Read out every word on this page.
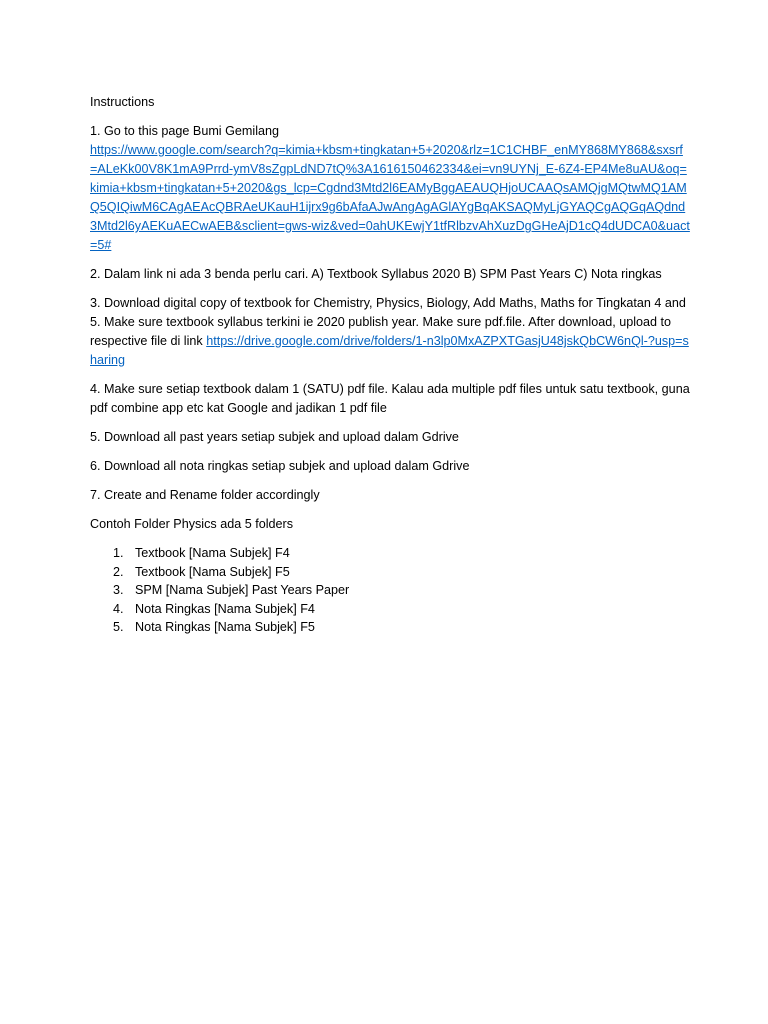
Instructions
1. Go to this page Bumi Gemilang
https://www.google.com/search?q=kimia+kbsm+tingkatan+5+2020&rlz=1C1CHBF_enMY868MY868&sxsrf=ALeKk00V8K1mA9Prrd-ymV8sZgpLdND7tQ%3A1616150462334&ei=vn9UYNj_E-6Z4-EP4Me8uAU&oq=kimia+kbsm+tingkatan+5+2020&gs_lcp=Cgdnd3Mtd2l6EAMyBggAEAUQHjoUCAAQsAMQjgMQtwMQ1AMQ5QIQiwM6CAgAEAcQBRAeUKauH1ijrx9g6bAfaAJwAngAgAGlAYgBqAKSAQMyLjGYAQCgAQGqAQdnd3Mtd2l6yAEKuAECwAEB&sclient=gws-wiz&ved=0ahUKEwjY1tfRlbzvAhXuzDgGHeAjD1cQ4dUDCA0&uact=5#
2. Dalam link ni ada 3 benda perlu cari. A) Textbook Syllabus 2020 B) SPM Past Years C) Nota ringkas
3. Download digital copy of textbook for Chemistry, Physics, Biology, Add Maths, Maths for Tingkatan 4 and 5. Make sure textbook syllabus terkini ie 2020 publish year. Make sure pdf.file. After download, upload to respective file di link https://drive.google.com/drive/folders/1-n3lp0MxAZPXTGasjU48jskQbCW6nQl-?usp=sharing
4. Make sure setiap textbook dalam 1 (SATU) pdf file. Kalau ada multiple pdf files untuk satu textbook, guna pdf combine app etc kat Google and jadikan 1 pdf file
5. Download all past years setiap subjek and upload dalam Gdrive
6. Download all nota ringkas setiap subjek and upload dalam Gdrive
7. Create and Rename folder accordingly
Contoh Folder Physics ada 5 folders
1. Textbook [Nama Subjek] F4
2. Textbook [Nama Subjek] F5
3. SPM [Nama Subjek] Past Years Paper
4. Nota Ringkas [Nama Subjek] F4
5. Nota Ringkas [Nama Subjek] F5
